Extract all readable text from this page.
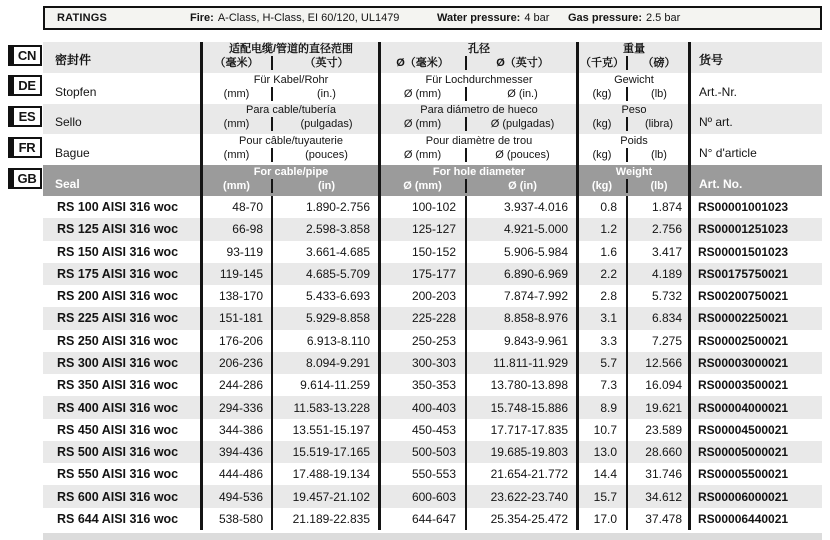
RATINGS	Fire: A-Class, H-Class, EI 60/120, UL1479	Water pressure: 4 bar Gas pressure: 2.5 bar
密封件
适配电缆/管道的直径范围
（毫米）	（英寸）
孔径
Ø（毫米）	Ø（英寸）
重量
（千克）	（磅）	货号
Stopfen
Für Kabel/Rohr
(mm)	(in.)
Für Lochdurchmesser
Ø (mm)	Ø (in.)
Gewicht
(kg)	(lb)	Art.-Nr.
Sello
Para cable/tubería
(mm)	(pulgadas)
Para diámetro de hueco
Ø (mm)	Ø (pulgadas)
Peso
(kg)	(libra)	Nº art.
Bague
Pour câble/tuyauterie
(mm)	(pouces)
Pour diamètre de trou
Ø (mm)	Ø (pouces)
Poids
(kg)	(lb)	N° d'article
Seal
For cable/pipe
(mm)	(in)
For hole diameter
Ø (mm)	Ø (in)
Weight
(kg)	(lb)	Art. No.
RS 100 AISI 316 woc	48-70	1.890-2.756	100-102	3.937-4.016	0.8	1.874	RS00001001023
RS 125 AISI 316 woc	66-98	2.598-3.858	125-127	4.921-5.000	1.2	2.756	RS00001251023
RS 150 AISI 316 woc	93-119	3.661-4.685	150-152	5.906-5.984	1.6	3.417	RS00001501023
RS 175 AISI 316 woc	119-145	4.685-5.709	175-177	6.890-6.969	2.2	4.189	RS00175750021
RS 200 AISI 316 woc	138-170	5.433-6.693	200-203	7.874-7.992	2.8	5.732	RS00200750021
RS 225 AISI 316 woc	151-181	5.929-8.858	225-228	8.858-8.976	3.1	6.834	RS00002250021
RS 250 AISI 316 woc	176-206	6.913-8.110	250-253	9.843-9.961	3.3	7.275	RS00002500021
RS 300 AISI 316 woc	206-236	8.094-9.291	300-303	11.811-11.929	5.7	12.566	RS00003000021
RS 350 AISI 316 woc	244-286	9.614-11.259	350-353	13.780-13.898	7.3	16.094	RS00003500021
RS 400 AISI 316 woc	294-336	11.583-13.228	400-403	15.748-15.886	8.9	19.621	RS00004000021
RS 450 AISI 316 woc	344-386	13.551-15.197	450-453	17.717-17.835	10.7	23.589	RS00004500021
RS 500 AISI 316 woc	394-436	15.519-17.165	500-503	19.685-19.803	13.0	28.660	RS00005000021
RS 550 AISI 316 woc	444-486	17.488-19.134	550-553	21.654-21.772	14.4	31.746	RS00005500021
RS 600 AISI 316 woc	494-536	19.457-21.102	600-603	23.622-23.740	15.7	34.612	RS00006000021
RS 644 AISI 316 woc	538-580	21.189-22.835	644-647	25.354-25.472	17.0	37.478	RS00006440021
CN
DE
ES
FR
GB
